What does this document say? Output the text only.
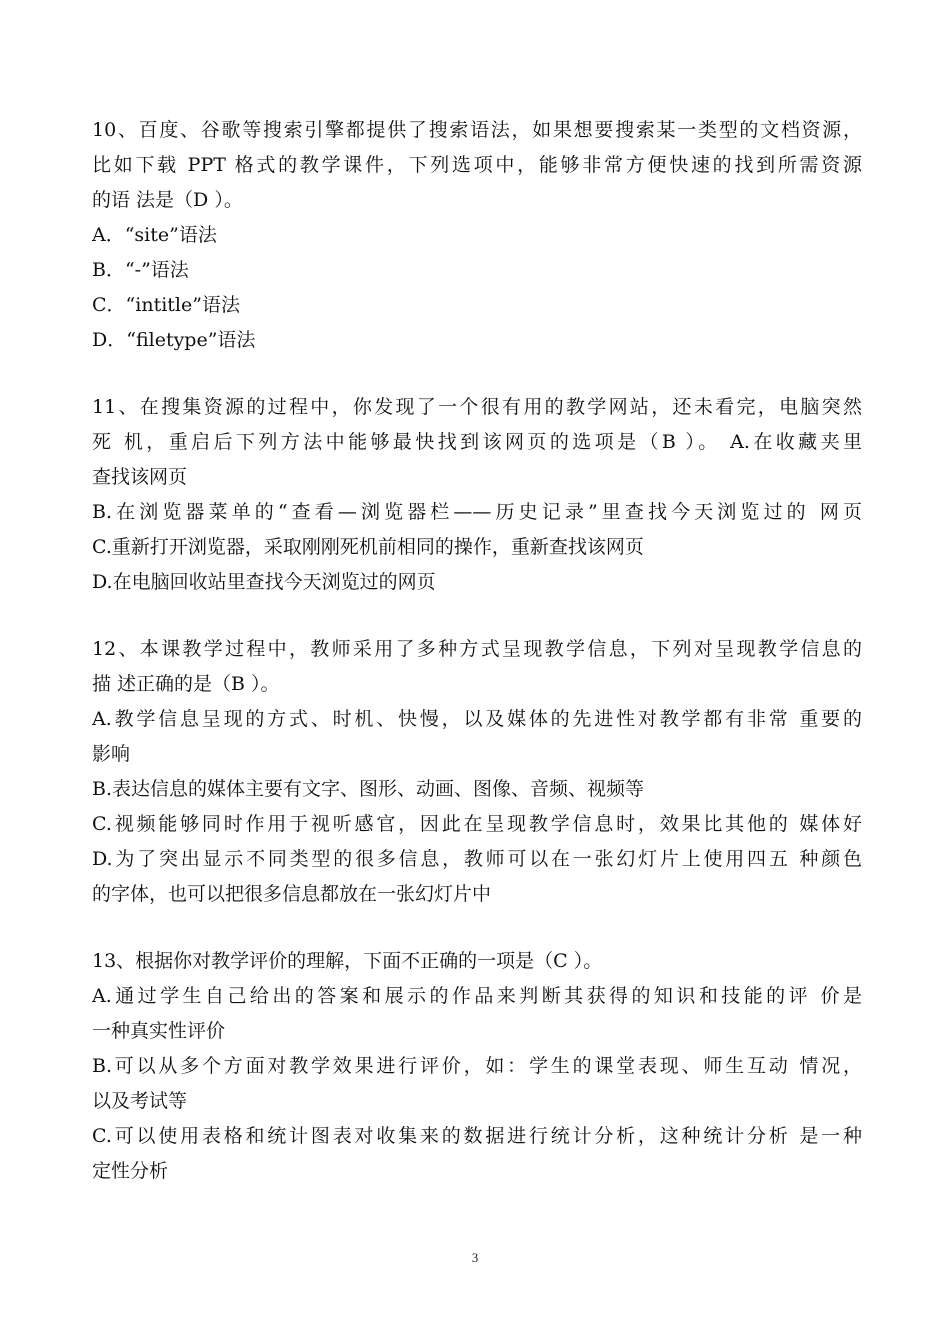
10、百度、谷歌等搜索引擎都提供了搜索语法，如果想要搜索某一类型的文档资源，
比如下载 PPT 格式的教学课件，下列选项中，能够非常方便快速的找到所需资源
的语 法是（D ）。
A．“site”语法
B．“-”语法
C．“intitle”语法
D．“filetype”语法
11、在搜集资源的过程中，你发现了一个很有用的教学网站，还未看完，电脑突然
死 机，重启后下列方法中能够最快找到该网页的选项是（B ）。 A.在收藏夹里
查找该网页
B.在浏览器菜单的“查看—浏览器栏——历史记录”里查找今天浏览过的 网页
C.重新打开浏览器，采取刚刚死机前相同的操作，重新查找该网页
D.在电脑回收站里查找今天浏览过的网页
12、本课教学过程中，教师采用了多种方式呈现教学信息，下列对呈现教学信息的
描 述正确的是（B ）。
A.教学信息呈现的方式、时机、快慢，以及媒体的先进性对教学都有非常 重要的
影响
B.表达信息的媒体主要有文字、图形、动画、图像、音频、视频等
C.视频能够同时作用于视听感官，因此在呈现教学信息时，效果比其他的 媒体好
D.为了突出显示不同类型的很多信息，教师可以在一张幻灯片上使用四五 种颜色
的字体，也可以把很多信息都放在一张幻灯片中
13、根据你对教学评价的理解，下面不正确的一项是（C ）。
A.通过学生自己给出的答案和展示的作品来判断其获得的知识和技能的评 价是
一种真实性评价
B.可以从多个方面对教学效果进行评价，如：学生的课堂表现、师生互动 情况，
以及考试等
C.可以使用表格和统计图表对收集来的数据进行统计分析，这种统计分析 是一种
定性分析
3
